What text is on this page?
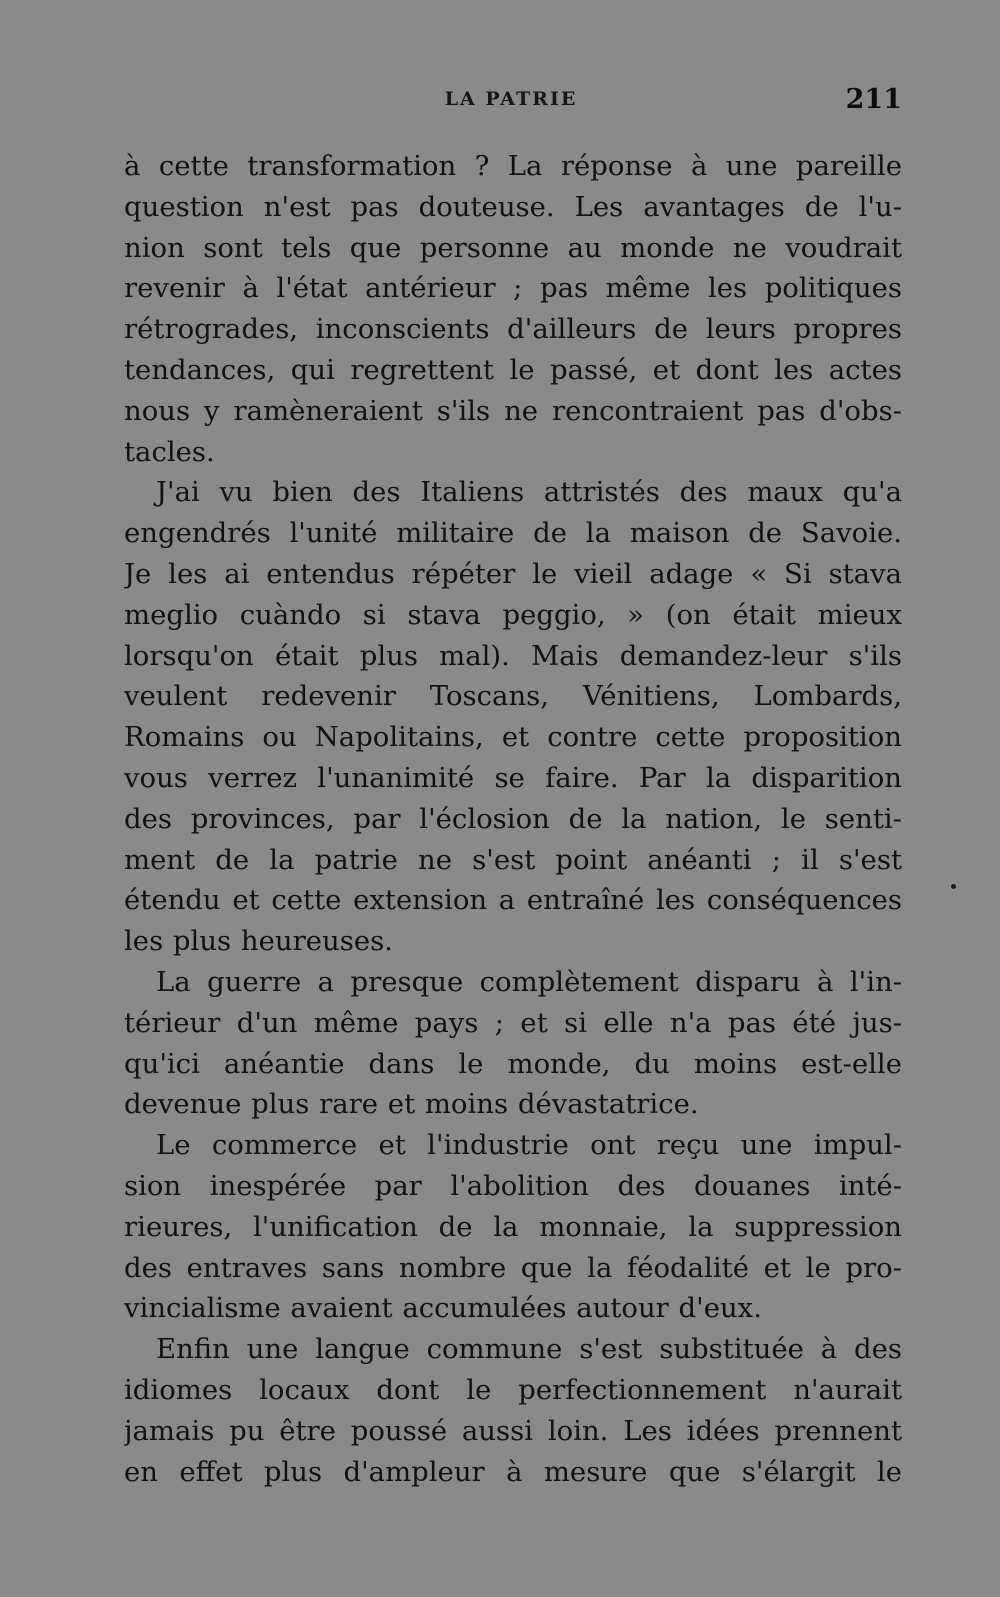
LA PATRIE	211
à cette transformation ? La réponse à une pareille
question n'est pas douteuse. Les avantages de l'u-
nion sont tels que personne au monde ne voudrait
revenir à l'état antérieur ; pas même les politiques
rétrogrades, inconscients d'ailleurs de leurs propres
tendances, qui regrettent le passé, et dont les actes
nous y ramèneraient s'ils ne rencontraient pas d'obs-
tacles.
J'ai vu bien des Italiens attristés des maux qu'a
engendrés l'unité militaire de la maison de Savoie.
Je les ai entendus répéter le vieil adage « Si stava
meglio cuàndo si stava peggio, » (on était mieux
lorsqu'on était plus mal). Mais demandez-leur s'ils
veulent redevenir Toscans, Vénitiens, Lombards,
Romains ou Napolitains, et contre cette proposition
vous verrez l'unanimité se faire. Par la disparition
des provinces, par l'éclosion de la nation, le senti-
ment de la patrie ne s'est point anéanti ; il s'est
étendu et cette extension a entraîné les conséquences
les plus heureuses.
La guerre a presque complètement disparu à l'in-
térieur d'un même pays ; et si elle n'a pas été jus-
qu'ici anéantie dans le monde, du moins est-elle
devenue plus rare et moins dévastatrice.
Le commerce et l'industrie ont reçu une impul-
sion inespérée par l'abolition des douanes inté-
rieures, l'unification de la monnaie, la suppression
des entraves sans nombre que la féodalité et le pro-
vincialisme avaient accumulées autour d'eux.
Enfin une langue commune s'est substituée à des
idiomes locaux dont le perfectionnement n'aurait
jamais pu être poussé aussi loin. Les idées prennent
en effet plus d'ampleur à mesure que s'élargit le
